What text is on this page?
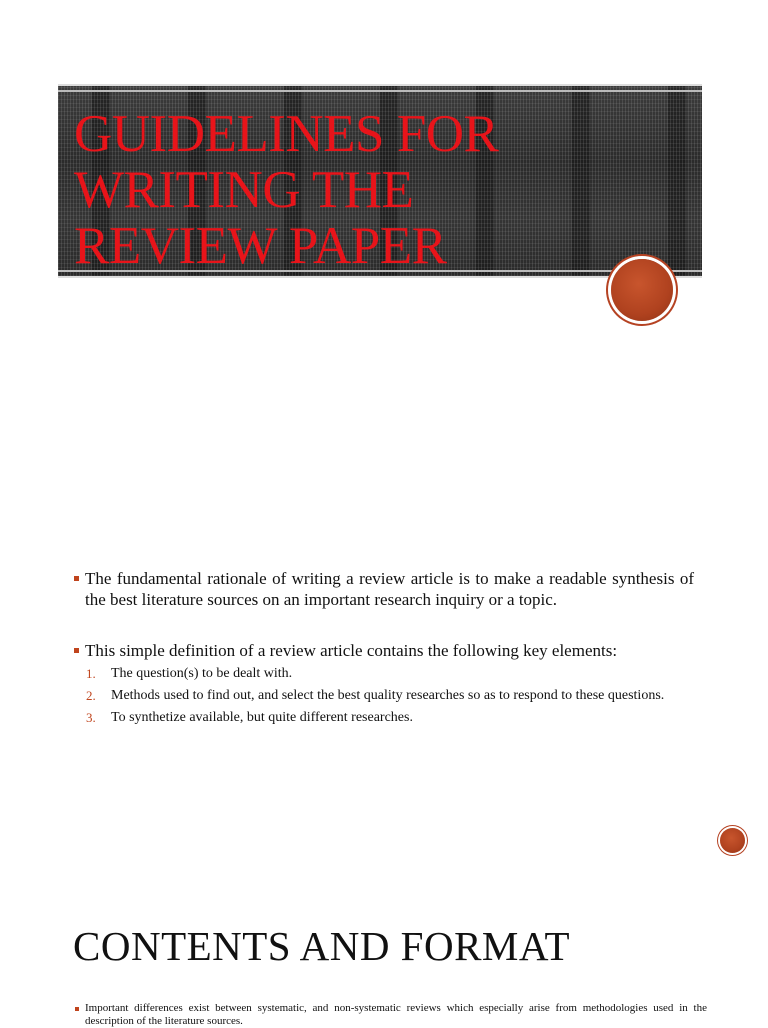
GUIDELINES FOR
WRITING THE
REVIEW PAPER

The fundamental rationale of writing a review article is to make a readable synthesis of the best literature sources on an important research inquiry or a topic.

This simple definition of a review article contains the following key elements:

1. The question(s) to be dealt with.
2. Methods used to find out, and select the best quality researches so as to respond to these questions.
3. To synthetize available, but quite different researches.
CONTENTS AND FORMAT

Important differences exist between systematic, and non-systematic reviews which especially arise from methodologies used in the description of the literature sources.
